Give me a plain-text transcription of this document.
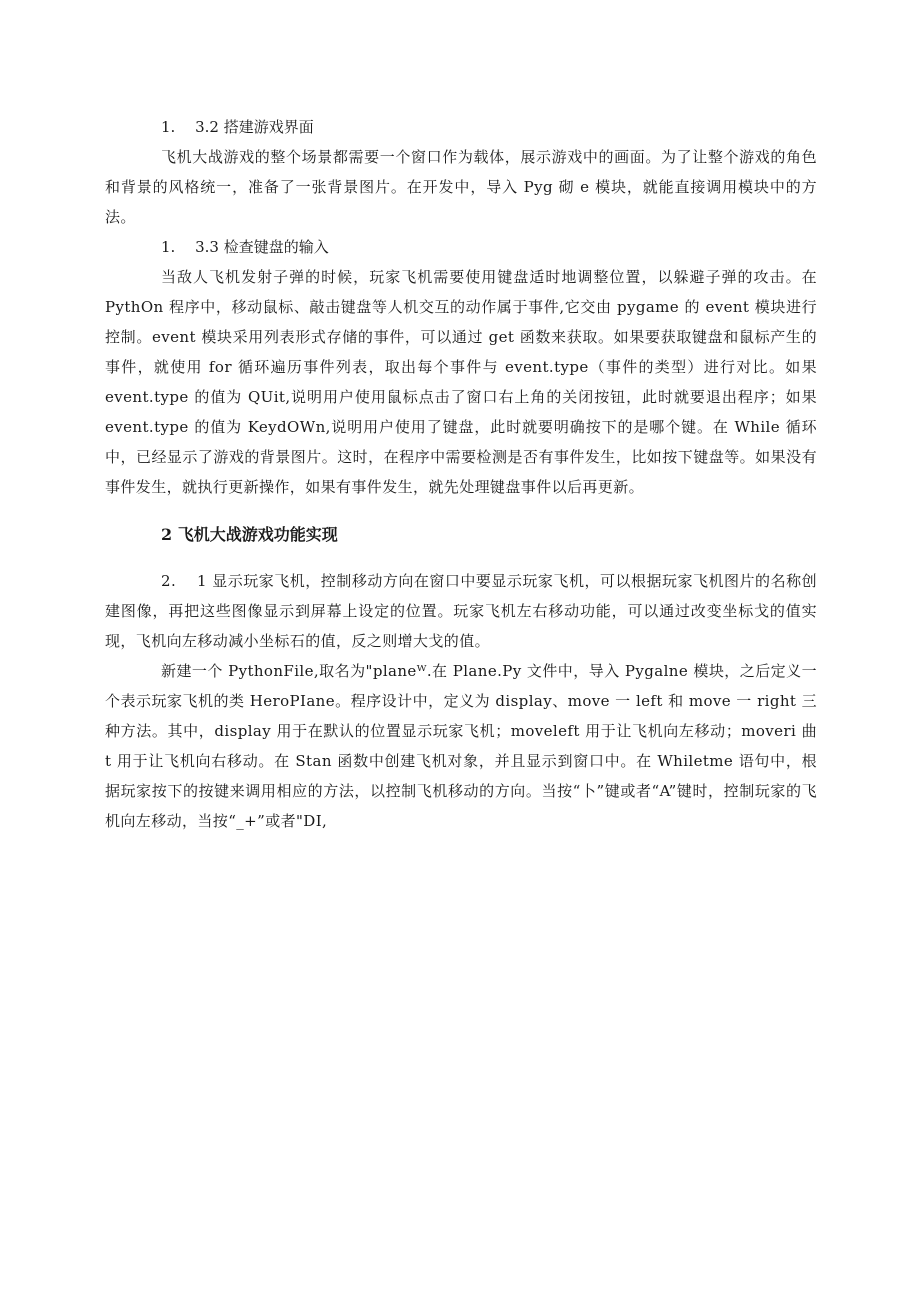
1.　 3.2 搭建游戏界面

飞机大战游戏的整个场景都需要一个窗口作为载体，展示游戏中的画面。为了让整个游戏的角色和背景的风格统一，准备了一张背景图片。在开发中，导入 Pyg 砌 e 模块，就能直接调用模块中的方法。

1.　 3.3 检查键盘的输入

当敌人飞机发射子弹的时候，玩家飞机需要使用键盘适时地调整位置，以躲避子弹的攻击。在 PythOn 程序中，移动鼠标、敲击键盘等人机交互的动作属于事件,它交由 pygame 的 event 模块进行控制。event 模块采用列表形式存储的事件，可以通过 get 函数来获取。如果要获取键盘和鼠标产生的事件，就使用 for 循环遍历事件列表，取出每个事件与 event.type（事件的类型）进行对比。如果 event.type 的值为 QUit,说明用户使用鼠标点击了窗口右上角的关闭按钮，此时就要退出程序；如果 event.type 的值为 KeydOWn,说明用户使用了键盘，此时就要明确按下的是哪个键。在 While 循环中，已经显示了游戏的背景图片。这时，在程序中需要检测是否有事件发生，比如按下键盘等。如果没有事件发生，就执行更新操作，如果有事件发生，就先处理键盘事件以后再更新。

2 飞机大战游戏功能实现

2.　 1 显示玩家飞机，控制移动方向在窗口中要显示玩家飞机，可以根据玩家飞机图片的名称创建图像，再把这些图像显示到屏幕上设定的位置。玩家飞机左右移动功能，可以通过改变坐标戈的值实现，飞机向左移动减小坐标石的值，反之则增大戈的值。

新建一个 PythonFile,取名为"planeᵂ.在 Plane.Py 文件中，导入 Pygalne 模块，之后定义一个表示玩家飞机的类 HeroPIane。程序设计中，定义为 display、move 一 left 和 move 一 right 三种方法。其中，display 用于在默认的位置显示玩家飞机；moveleft 用于让飞机向左移动；moveri 曲 t 用于让飞机向右移动。在 Stan 函数中创建飞机对象，并且显示到窗口中。在 Whiletme 语句中，根据玩家按下的按键来调用相应的方法，以控制飞机移动的方向。当按“卜”键或者“A”键时，控制玩家的飞机向左移动，当按“_+”或者"DI,
